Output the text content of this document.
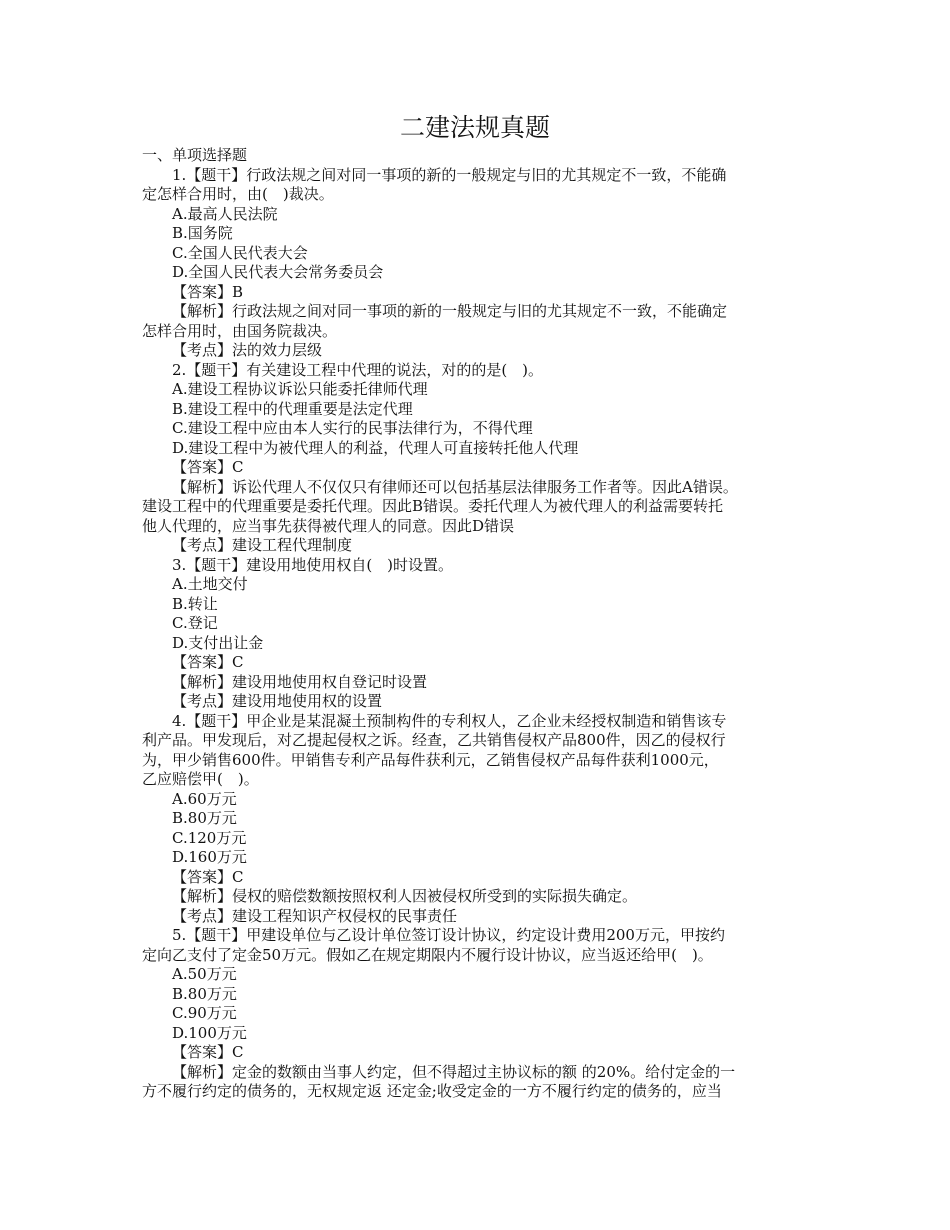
二建法规真题
一、单项选择题
1.【题干】行政法规之间对同一事项的新的一般规定与旧的尤其规定不一致，不能确
定怎样合用时，由(　)裁决。
A.最高人民法院
B.国务院
C.全国人民代表大会
D.全国人民代表大会常务委员会
【答案】B
【解析】行政法规之间对同一事项的新的一般规定与旧的尤其规定不一致，不能确定
怎样合用时，由国务院裁决。
【考点】法的效力层级
2.【题干】有关建设工程中代理的说法，对的的是(　)。
A.建设工程协议诉讼只能委托律师代理
B.建设工程中的代理重要是法定代理
C.建设工程中应由本人实行的民事法律行为，不得代理
D.建设工程中为被代理人的利益，代理人可直接转托他人代理
【答案】C
【解析】诉讼代理人不仅仅只有律师还可以包括基层法律服务工作者等。因此A错误。
建设工程中的代理重要是委托代理。因此B错误。委托代理人为被代理人的利益需要转托
他人代理的，应当事先获得被代理人的同意。因此D错误
【考点】建设工程代理制度
3.【题干】建设用地使用权自(　)时设置。
A.土地交付
B.转让
C.登记
D.支付出让金
【答案】C
【解析】建设用地使用权自登记时设置
【考点】建设用地使用权的设置
4.【题干】甲企业是某混凝土预制构件的专利权人，乙企业未经授权制造和销售该专
利产品。甲发现后，对乙提起侵权之诉。经查，乙共销售侵权产品800件，因乙的侵权行
为，甲少销售600件。甲销售专利产品每件获利元，乙销售侵权产品每件获利1000元，
乙应赔偿甲(　)。
A.60万元
B.80万元
C.120万元
D.160万元
【答案】C
【解析】侵权的赔偿数额按照权利人因被侵权所受到的实际损失确定。
【考点】建设工程知识产权侵权的民事责任
5.【题干】甲建设单位与乙设计单位签订设计协议，约定设计费用200万元，甲按约
定向乙支付了定金50万元。假如乙在规定期限内不履行设计协议，应当返还给甲(　)。
A.50万元
B.80万元
C.90万元
D.100万元
【答案】C
【解析】定金的数额由当事人约定，但不得超过主协议标的额 的20%。给付定金的一
方不履行约定的债务的，无权规定返 还定金;收受定金的一方不履行约定的债务的，应当
